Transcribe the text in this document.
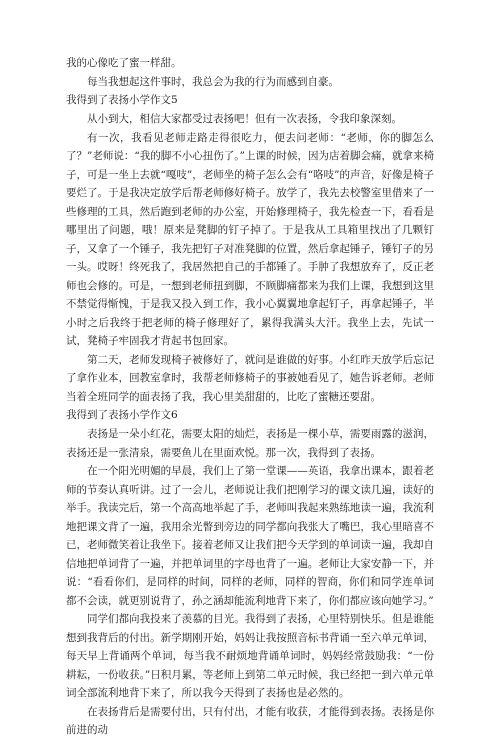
我的心像吃了蜜一样甜。

每当我想起这件事时，我总会为我的行为而感到自豪。

我得到了表扬小学作文5

从小到大，相信大家都受过表扬吧！但有一次表扬，令我印象深刻。

有一次，我看见老师走路走得很吃力，便去问老师：“老师，你的脚怎么了？”老师说：“我的脚不小心扭伤了。”上课的时候，因为店着脚会痛，就拿来椅子，可是一坐上去就“嘎吱”，老师坐的椅子怎么会有“咯吱”的声音，好像是椅子要烂了。于是我决定放学后帮老师修好椅子。放学了，我先去校警室里借来了一些修理的工具，然后跑到老师的办公室，开始修理椅子，我先检查一下，看看是哪里出了问题，哦！原来是凳脚的钉子掉了。于是我从工具箱里找出了几颗钉子，又拿了一个锤子，我先把钉子对准凳脚的位置，然后拿起锤子，锤钉子的另一头。哎呀！终死我了，我居然把自己的手都锤了。手肿了我想放弃了，反正老师也会修的。可是，一想到老师扭到脚，不顾脚痛都来为我们上课，我想到这里不禁觉得惭愧，于是我又投入到工作，我小心翼翼地拿起钉子，再拿起锤子，半小时之后我终于把老师的椅子修理好了，累得我满头大汗。我坐上去，先试一试，凳椅子牢固我才背起书包回家。

第二天，老师发现椅子被修好了，就问是谁做的好事。小红昨天放学后忘记了拿作业本，回教室拿时，我帮老师修椅子的事被她看见了，她告诉老师。老师当着全班同学的面表扬了我，我心里美甜甜的，比吃了蜜糖还要甜。

我得到了表扬小学作文6

表扬是一朵小红花，需要太阳的灿烂，表扬是一棵小草，需要雨露的滋润，表扬还是一张清泉，需要鱼儿在里面欢悦。那一次，我得到了表扬。

在一个阳光明媚的早晨，我们上了第一堂课——英语，我拿出课本，跟着老师的节奏认真听讲。过了一会儿，老师说让我们把刚学习的课文读几遍，读好的举手。我读完后，第一个高高地举起了手，老师叫我起来熟练地读一遍，我流利地把课文背了一遍，我用余光瞥到旁边的同学都向我张大了嘴巴，我心里暗喜不已，老师微笑着让我坐下。接着老师又让我们把今天学到的单词读一遍，我却自信地把单词背了一遍，并把单词里的字母也背了一遍。老师让大家安静一下，并说：“看看你们，是同样的时间，同样的老师，同样的智商，你们和同学连单词都不会读，就更别说背了，孙之涵却能流利地背下来了，你们都应该向她学习。”

同学们都向我投来了羡慕的目光。我得到了表扬，心里特别快乐。但是谁能想到我背后的付出。新学期刚开始，妈妈让我按照音标书背诵一至六单元单词，每天早上背诵两个单词，每当我不耐烦地背诵单词时，妈妈经常鼓励我：“一份耕耘，一份收获。”日积月累，等老师上到第二单元时候，我已经把一到六单元单词全部流利地背下来了，所以我今天得到了表扬也是必然的。

在表扬背后是需要付出，只有付出，才能有收获，才能得到表扬。表扬是你前进的动
